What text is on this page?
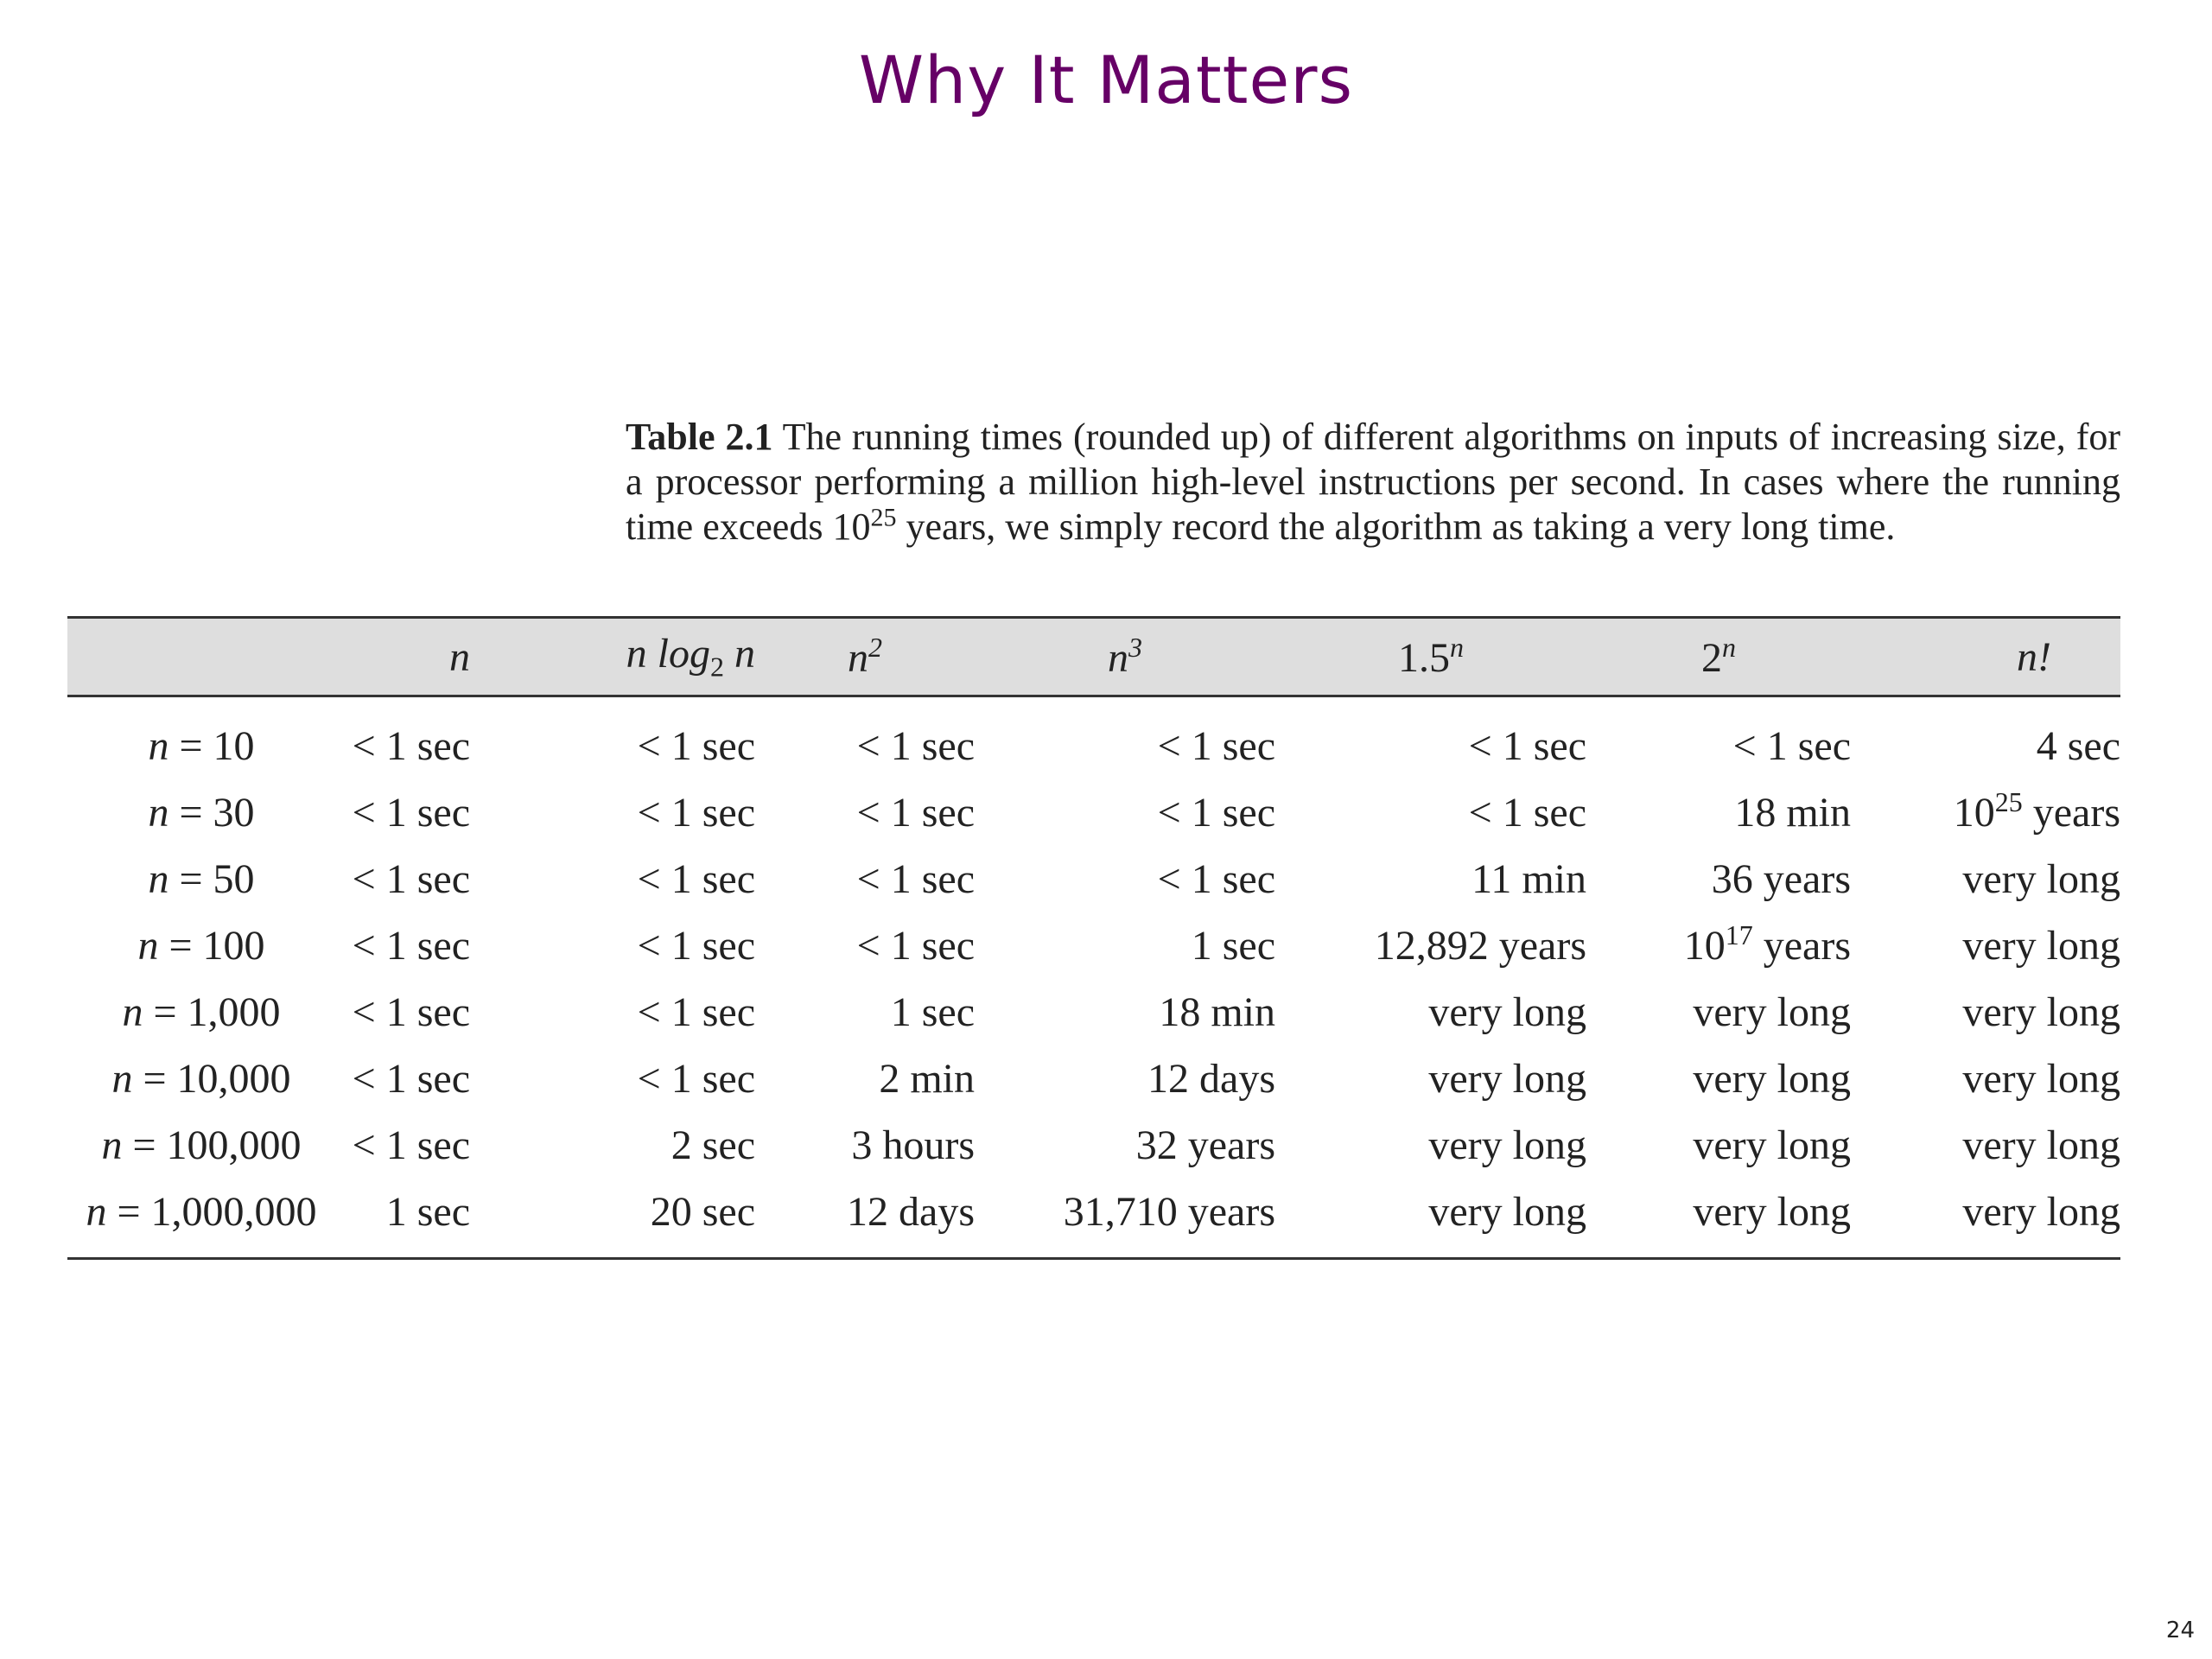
Why It Matters
Table 2.1 The running times (rounded up) of different algorithms on inputs of increasing size, for a processor performing a million high-level instructions per second. In cases where the running time exceeds $10^{25}$ years, we simply record the algorithm as taking a very long time.
	n	n $\log_2 n$	$n^2$	$n^3$	1.5$^n$	2$^n$	n!
n = 10	< 1 sec	< 1 sec	< 1 sec	< 1 sec	< 1 sec	< 1 sec	4 sec
n = 30	< 1 sec	< 1 sec	< 1 sec	< 1 sec	< 1 sec	18 min	$10^{25}$ years
n = 50	< 1 sec	< 1 sec	< 1 sec	< 1 sec	11 min	36 years	very long
n = 100	< 1 sec	< 1 sec	< 1 sec	1 sec	12,892 years	$10^{17}$ years	very long
n = 1,000	< 1 sec	< 1 sec	1 sec	18 min	very long	very long	very long
n = 10,000	< 1 sec	< 1 sec	2 min	12 days	very long	very long	very long
n = 100,000	< 1 sec	2 sec	3 hours	32 years	very long	very long	very long
n = 1,000,000	1 sec	20 sec	12 days	31,710 years	very long	very long	very long
24
